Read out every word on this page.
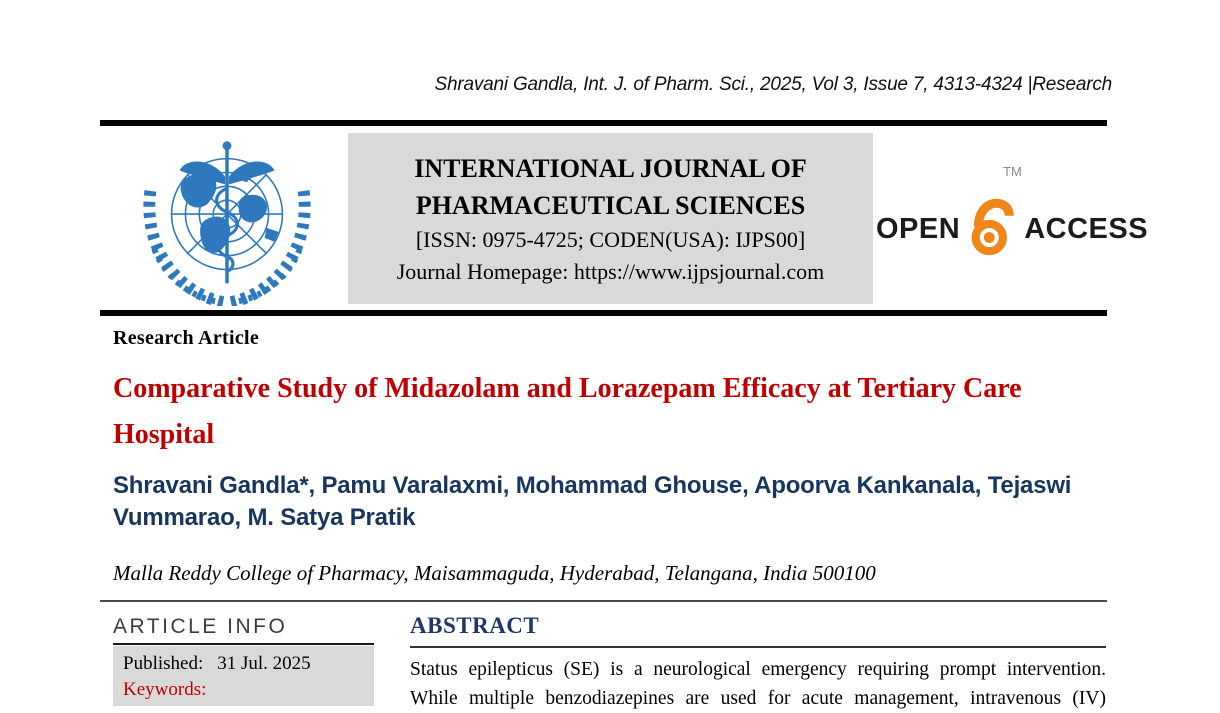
Shravani Gandla, Int. J. of Pharm. Sci., 2025, Vol 3, Issue 7, 4313-4324 |Research
INTERNATIONAL JOURNAL OF
PHARMACEUTICAL SCIENCES
[ISSN: 0975-4725; CODEN(USA): IJPS00]
Journal Homepage: https://www.ijpsjournal.com
OPEN ACCESS
TM
Research Article
Comparative Study of Midazolam and Lorazepam Efficacy at Tertiary Care Hospital
Shravani Gandla*, Pamu Varalaxmi, Mohammad Ghouse, Apoorva Kankanala, Tejaswi Vummarao, M. Satya Pratik
Malla Reddy College of Pharmacy, Maisammaguda, Hyderabad, Telangana, India 500100
ARTICLE INFO
Published: 31 Jul. 2025
Keywords:
ABSTRACT
Status epilepticus (SE) is a neurological emergency requiring prompt intervention.
While multiple benzodiazepines are used for acute management, intravenous (IV)
